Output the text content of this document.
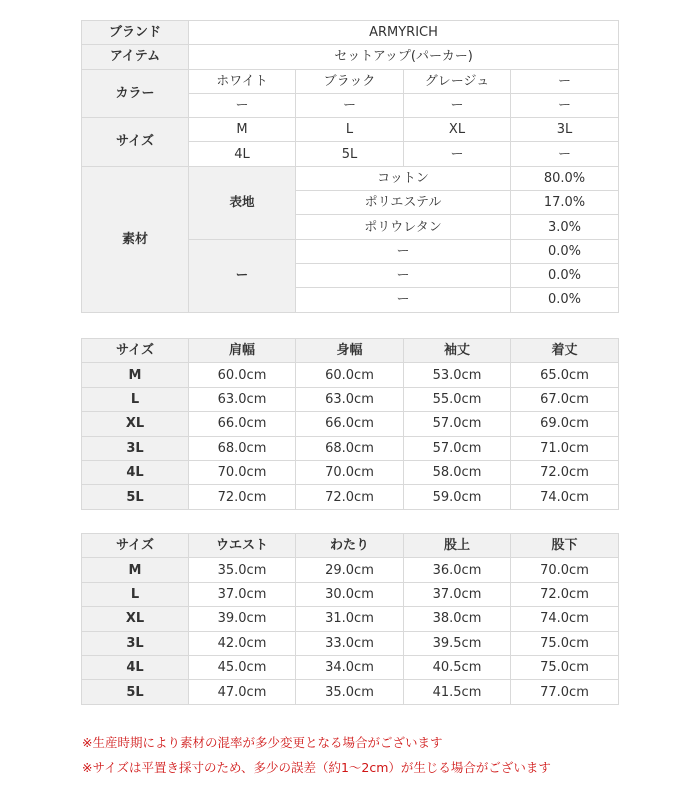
ブランド	ARMYRICH			
アイテム	セットアップ(パーカー)			
カラー	ホワイト	ブラック	グレージュ	ー
	ー	ー	ー	ー
サイズ	M	L	XL	3L
	4L	5L	ー	ー
素材	表地	コットン		80.0%
		ポリエステル		17.0%
		ポリウレタン		3.0%
	ー	ー		0.0%
		ー		0.0%
		ー		0.0%
サイズ	肩幅	身幅	袖丈	着丈
M	60.0cm	60.0cm	53.0cm	65.0cm
L	63.0cm	63.0cm	55.0cm	67.0cm
XL	66.0cm	66.0cm	57.0cm	69.0cm
3L	68.0cm	68.0cm	57.0cm	71.0cm
4L	70.0cm	70.0cm	58.0cm	72.0cm
5L	72.0cm	72.0cm	59.0cm	74.0cm
サイズ	ウエスト	わたり	股上	股下
M	35.0cm	29.0cm	36.0cm	70.0cm
L	37.0cm	30.0cm	37.0cm	72.0cm
XL	39.0cm	31.0cm	38.0cm	74.0cm
3L	42.0cm	33.0cm	39.5cm	75.0cm
4L	45.0cm	34.0cm	40.5cm	75.0cm
5L	47.0cm	35.0cm	41.5cm	77.0cm
※生産時期により素材の混率が多少変更となる場合がございます
※サイズは平置き採寸のため、多少の誤差（約1～2cm）が生じる場合がございます
